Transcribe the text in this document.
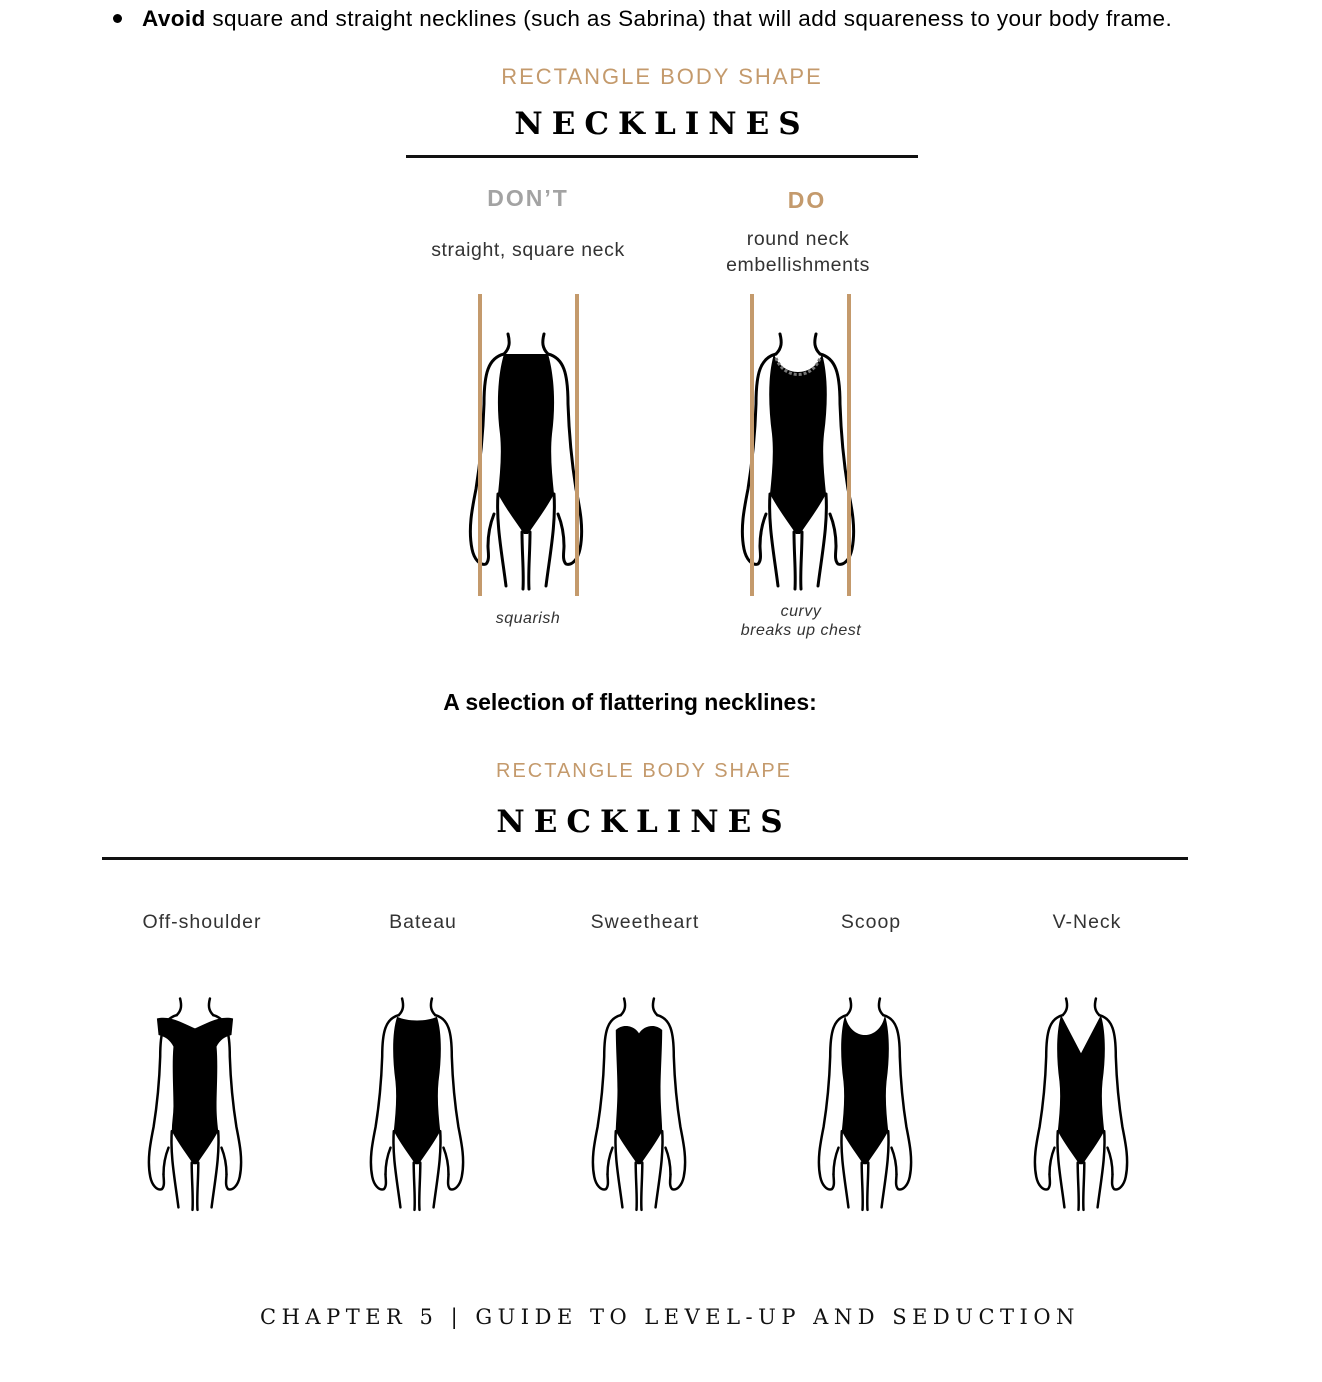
Avoid square and straight necklines (such as Sabrina) that will add squareness to your body frame.
RECTANGLE BODY SHAPE
NECKLINES
DON’T	DO
straight, square neck	round neck
embellishments
squarish	curvy
breaks up chest
A selection of flattering necklines:
RECTANGLE BODY SHAPE
NECKLINES
Off-shoulder	Bateau	Sweetheart	Scoop	V-Neck
CHAPTER 5 | GUIDE TO LEVEL-UP AND SEDUCTION
